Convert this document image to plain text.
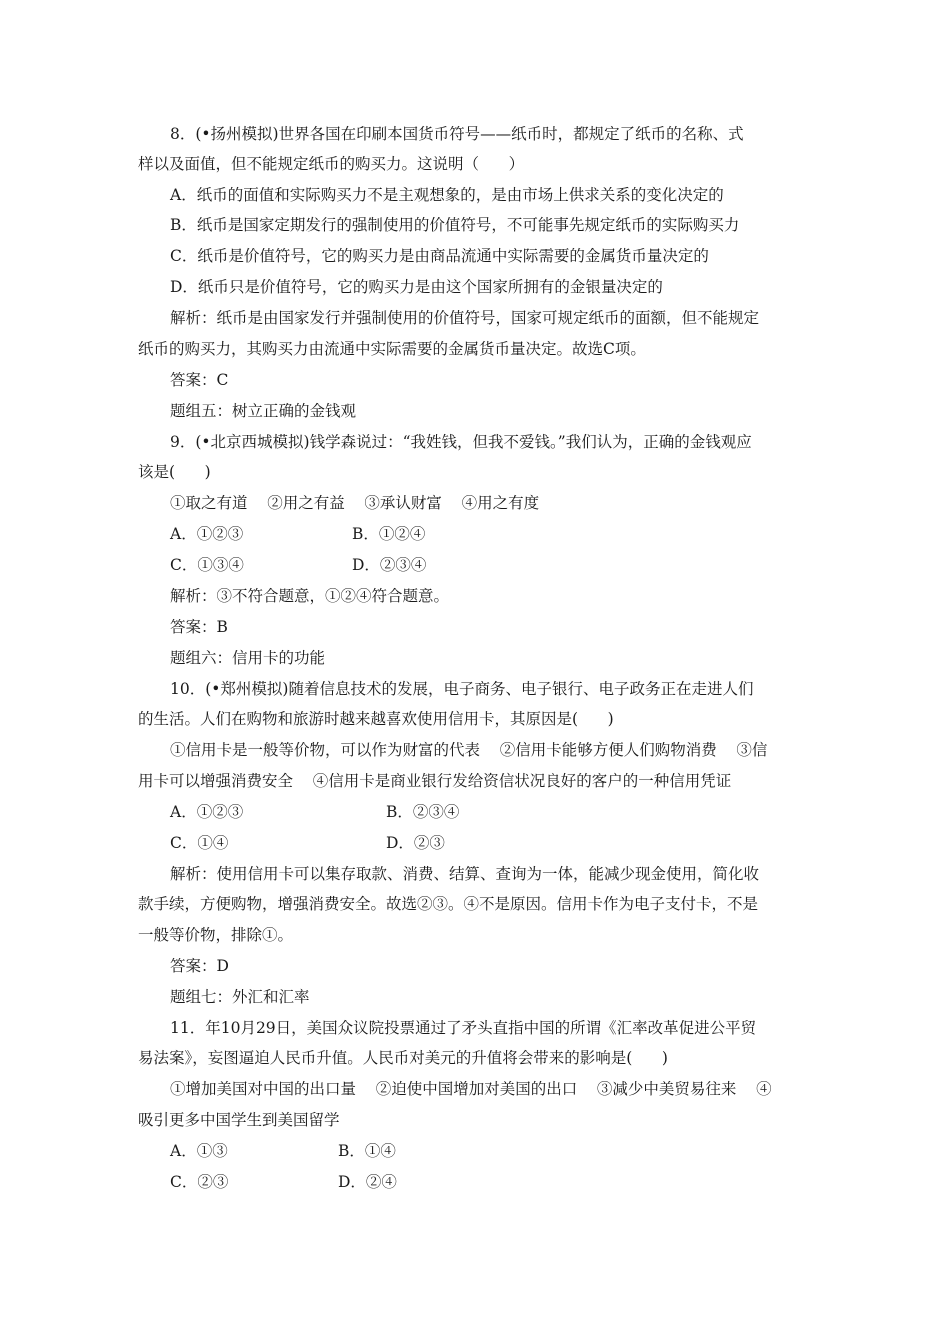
8．(•扬州模拟)世界各国在印刷本国货币符号——纸币时，都规定了纸币的名称、式
样以及面值，但不能规定纸币的购买力。这说明（      ）
A．纸币的面值和实际购买力不是主观想象的，是由市场上供求关系的变化决定的
B．纸币是国家定期发行的强制使用的价值符号，不可能事先规定纸币的实际购买力
C．纸币是价值符号，它的购买力是由商品流通中实际需要的金属货币量决定的
D．纸币只是价值符号，它的购买力是由这个国家所拥有的金银量决定的
解析：纸币是由国家发行并强制使用的价值符号，国家可规定纸币的面额，但不能规定
纸币的购买力，其购买力由流通中实际需要的金属货币量决定。故选C项。
答案：C
题组五：树立正确的金钱观
9．(•北京西城模拟)钱学森说过：“我姓钱，但我不爱钱。”我们认为，正确的金钱观应
该是(      )
①取之有道    ②用之有益    ③承认财富    ④用之有度
A．①②③	B．①②④
C．①③④	D．②③④
解析：③不符合题意，①②④符合题意。
答案：B
题组六：信用卡的功能
10．(•郑州模拟)随着信息技术的发展，电子商务、电子银行、电子政务正在走进人们
的生活。人们在购物和旅游时越来越喜欢使用信用卡，其原因是(      )
①信用卡是一般等价物，可以作为财富的代表    ②信用卡能够方便人们购物消费    ③信
用卡可以增强消费安全    ④信用卡是商业银行发给资信状况良好的客户的一种信用凭证
A．①②③	B．②③④
C．①④	D．②③
解析：使用信用卡可以集存取款、消费、结算、查询为一体，能减少现金使用，简化收
款手续，方便购物，增强消费安全。故选②③。④不是原因。信用卡作为电子支付卡，不是
一般等价物，排除①。
答案：D
题组七：外汇和汇率
11．年10月29日，美国众议院投票通过了矛头直指中国的所谓《汇率改革促进公平贸
易法案》，妄图逼迫人民币升值。人民币对美元的升值将会带来的影响是(      )
①增加美国对中国的出口量    ②迫使中国增加对美国的出口    ③减少中美贸易往来    ④
吸引更多中国学生到美国留学
A．①③	B．①④
C．②③	D．②④
